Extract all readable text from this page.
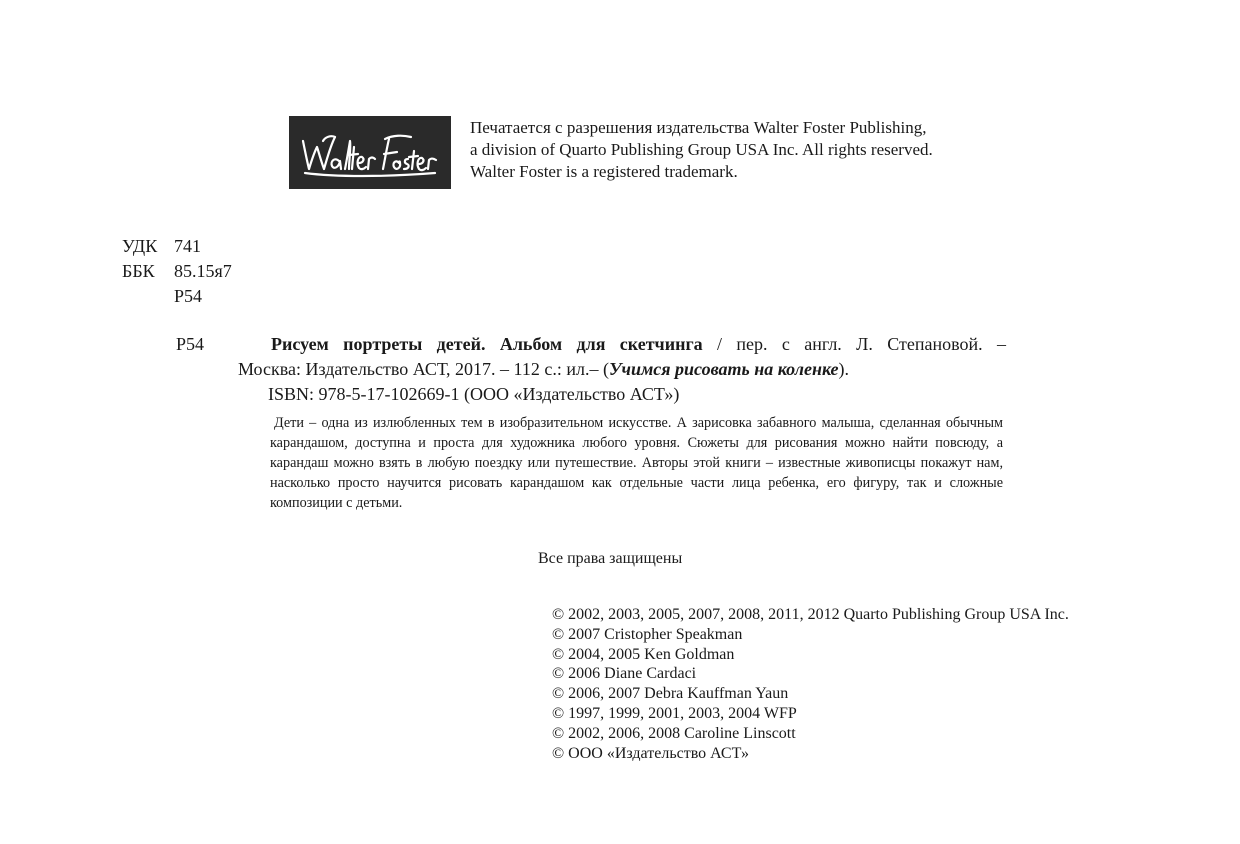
Печатается с разрешения издательства Walter Foster Publishing,
a division of Quarto Publishing Group USA Inc. All rights reserved.
Walter Foster is a registered trademark.
УДК 741
ББК	85.15я7
Р54
Р54	Рисуем портреты детей. Альбом для скетчинга / пер. с англ. Л. Степановой. –
Москва: Издательство АСТ, 2017. – 112 с.: ил.– (Учимся рисовать на коленке).
ISBN: 978-5-17-102669-1 (ООО «Издательство АСТ»)
Дети – одна из излюбленных тем в изобразительном искусстве. А зарисовка забавного малыша, сделанная обычным карандашом, доступна и проста для художника любого уровня. Сюжеты для рисования можно найти повсюду, а карандаш можно взять в любую поездку или путешествие. Авторы этой книги – известные живописцы покажут нам, насколько просто научится рисовать карандашом как отдельные части лица ребенка, его фигуру, так и сложные композиции с детьми.
Все права защищены
© 2002, 2003, 2005, 2007, 2008, 2011, 2012 Quarto Publishing Group USA Inc.
© 2007 Cristopher Speakman
© 2004, 2005 Ken Goldman
© 2006 Diane Cardaci
© 2006, 2007 Debra Kauffman Yaun
© 1997, 1999, 2001, 2003, 2004 WFP
© 2002, 2006, 2008 Caroline Linscott
© ООО «Издательство АСТ»
